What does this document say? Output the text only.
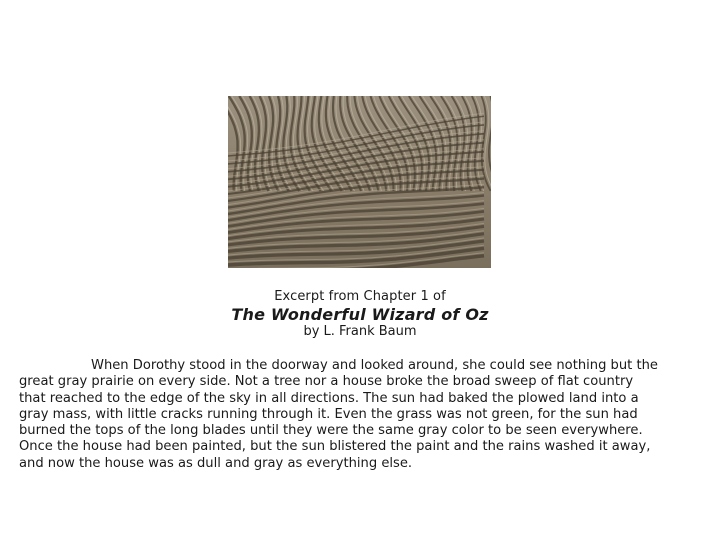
Excerpt from Chapter 1 of
The Wonderful Wizard of Oz
by L. Frank Baum

When Dorothy stood in the doorway and looked around, she could see nothing but the
great gray prairie on every side. Not a tree nor a house broke the broad sweep of flat country
that reached to the edge of the sky in all directions. The sun had baked the plowed land into a
gray mass, with little cracks running through it. Even the grass was not green, for the sun had
burned the tops of the long blades until they were the same gray color to be seen everywhere.
Once the house had been painted, but the sun blistered the paint and the rains washed it away,
and now the house was as dull and gray as everything else.
